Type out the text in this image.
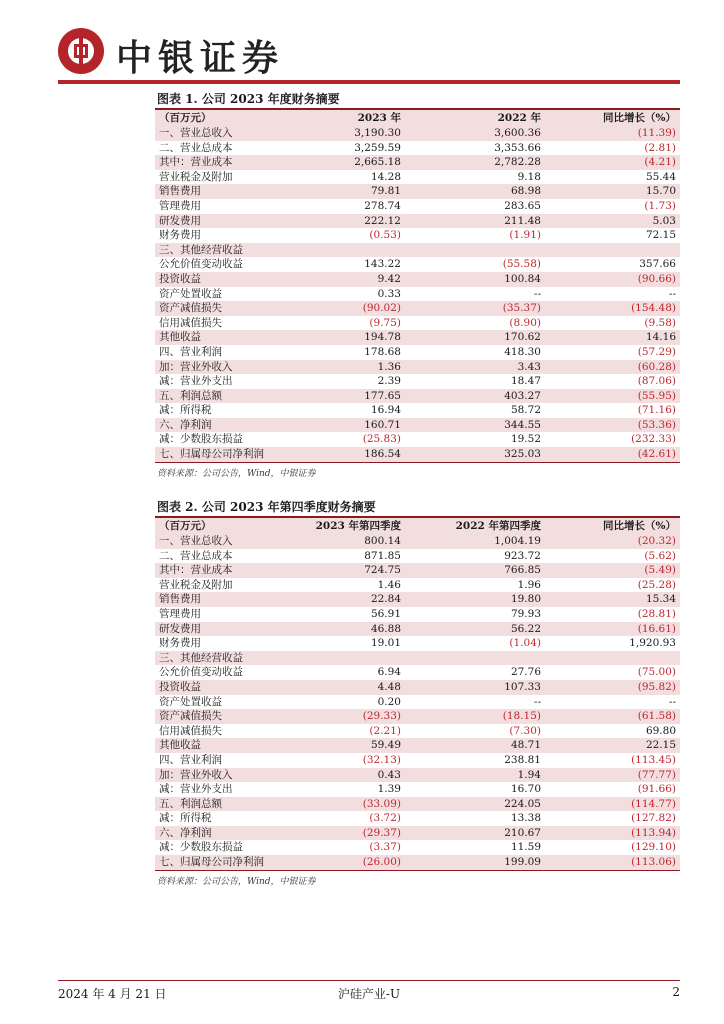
中银证券
图表 1. 公司 2023 年度财务摘要
（百万元）	2023 年	2022 年	同比增长（%）
一、营业总收入	3,190.30	3,600.36	(11.39)
二、营业总成本	3,259.59	3,353.66	(2.81)
其中：营业成本	2,665.18	2,782.28	(4.21)
营业税金及附加	14.28	9.18	55.44
销售费用	79.81	68.98	15.70
管理费用	278.74	283.65	(1.73)
研发费用	222.12	211.48	5.03
财务费用	(0.53)	(1.91)	72.15
三、其他经营收益			
公允价值变动收益	143.22	(55.58)	357.66
投资收益	9.42	100.84	(90.66)
资产处置收益	0.33	--	--
资产减值损失	(90.02)	(35.37)	(154.48)
信用减值损失	(9.75)	(8.90)	(9.58)
其他收益	194.78	170.62	14.16
四、营业利润	178.68	418.30	(57.29)
加：营业外收入	1.36	3.43	(60.28)
减：营业外支出	2.39	18.47	(87.06)
五、利润总额	177.65	403.27	(55.95)
减：所得税	16.94	58.72	(71.16)
六、净利润	160.71	344.55	(53.36)
减：少数股东损益	(25.83)	19.52	(232.33)
七、归属母公司净利润	186.54	325.03	(42.61)
资料来源：公司公告，Wind，中银证券
图表 2. 公司 2023 年第四季度财务摘要
（百万元）	2023 年第四季度	2022 年第四季度	同比增长（%）
一、营业总收入	800.14	1,004.19	(20.32)
二、营业总成本	871.85	923.72	(5.62)
其中：营业成本	724.75	766.85	(5.49)
营业税金及附加	1.46	1.96	(25.28)
销售费用	22.84	19.80	15.34
管理费用	56.91	79.93	(28.81)
研发费用	46.88	56.22	(16.61)
财务费用	19.01	(1.04)	1,920.93
三、其他经营收益			
公允价值变动收益	6.94	27.76	(75.00)
投资收益	4.48	107.33	(95.82)
资产处置收益	0.20	--	--
资产减值损失	(29.33)	(18.15)	(61.58)
信用减值损失	(2.21)	(7.30)	69.80
其他收益	59.49	48.71	22.15
四、营业利润	(32.13)	238.81	(113.45)
加：营业外收入	0.43	1.94	(77.77)
减：营业外支出	1.39	16.70	(91.66)
五、利润总额	(33.09)	224.05	(114.77)
减：所得税	(3.72)	13.38	(127.82)
六、净利润	(29.37)	210.67	(113.94)
减：少数股东损益	(3.37)	11.59	(129.10)
七、归属母公司净利润	(26.00)	199.09	(113.06)
资料来源：公司公告，Wind，中银证券
2024 年 4 月 21 日	沪硅产业-U	2
